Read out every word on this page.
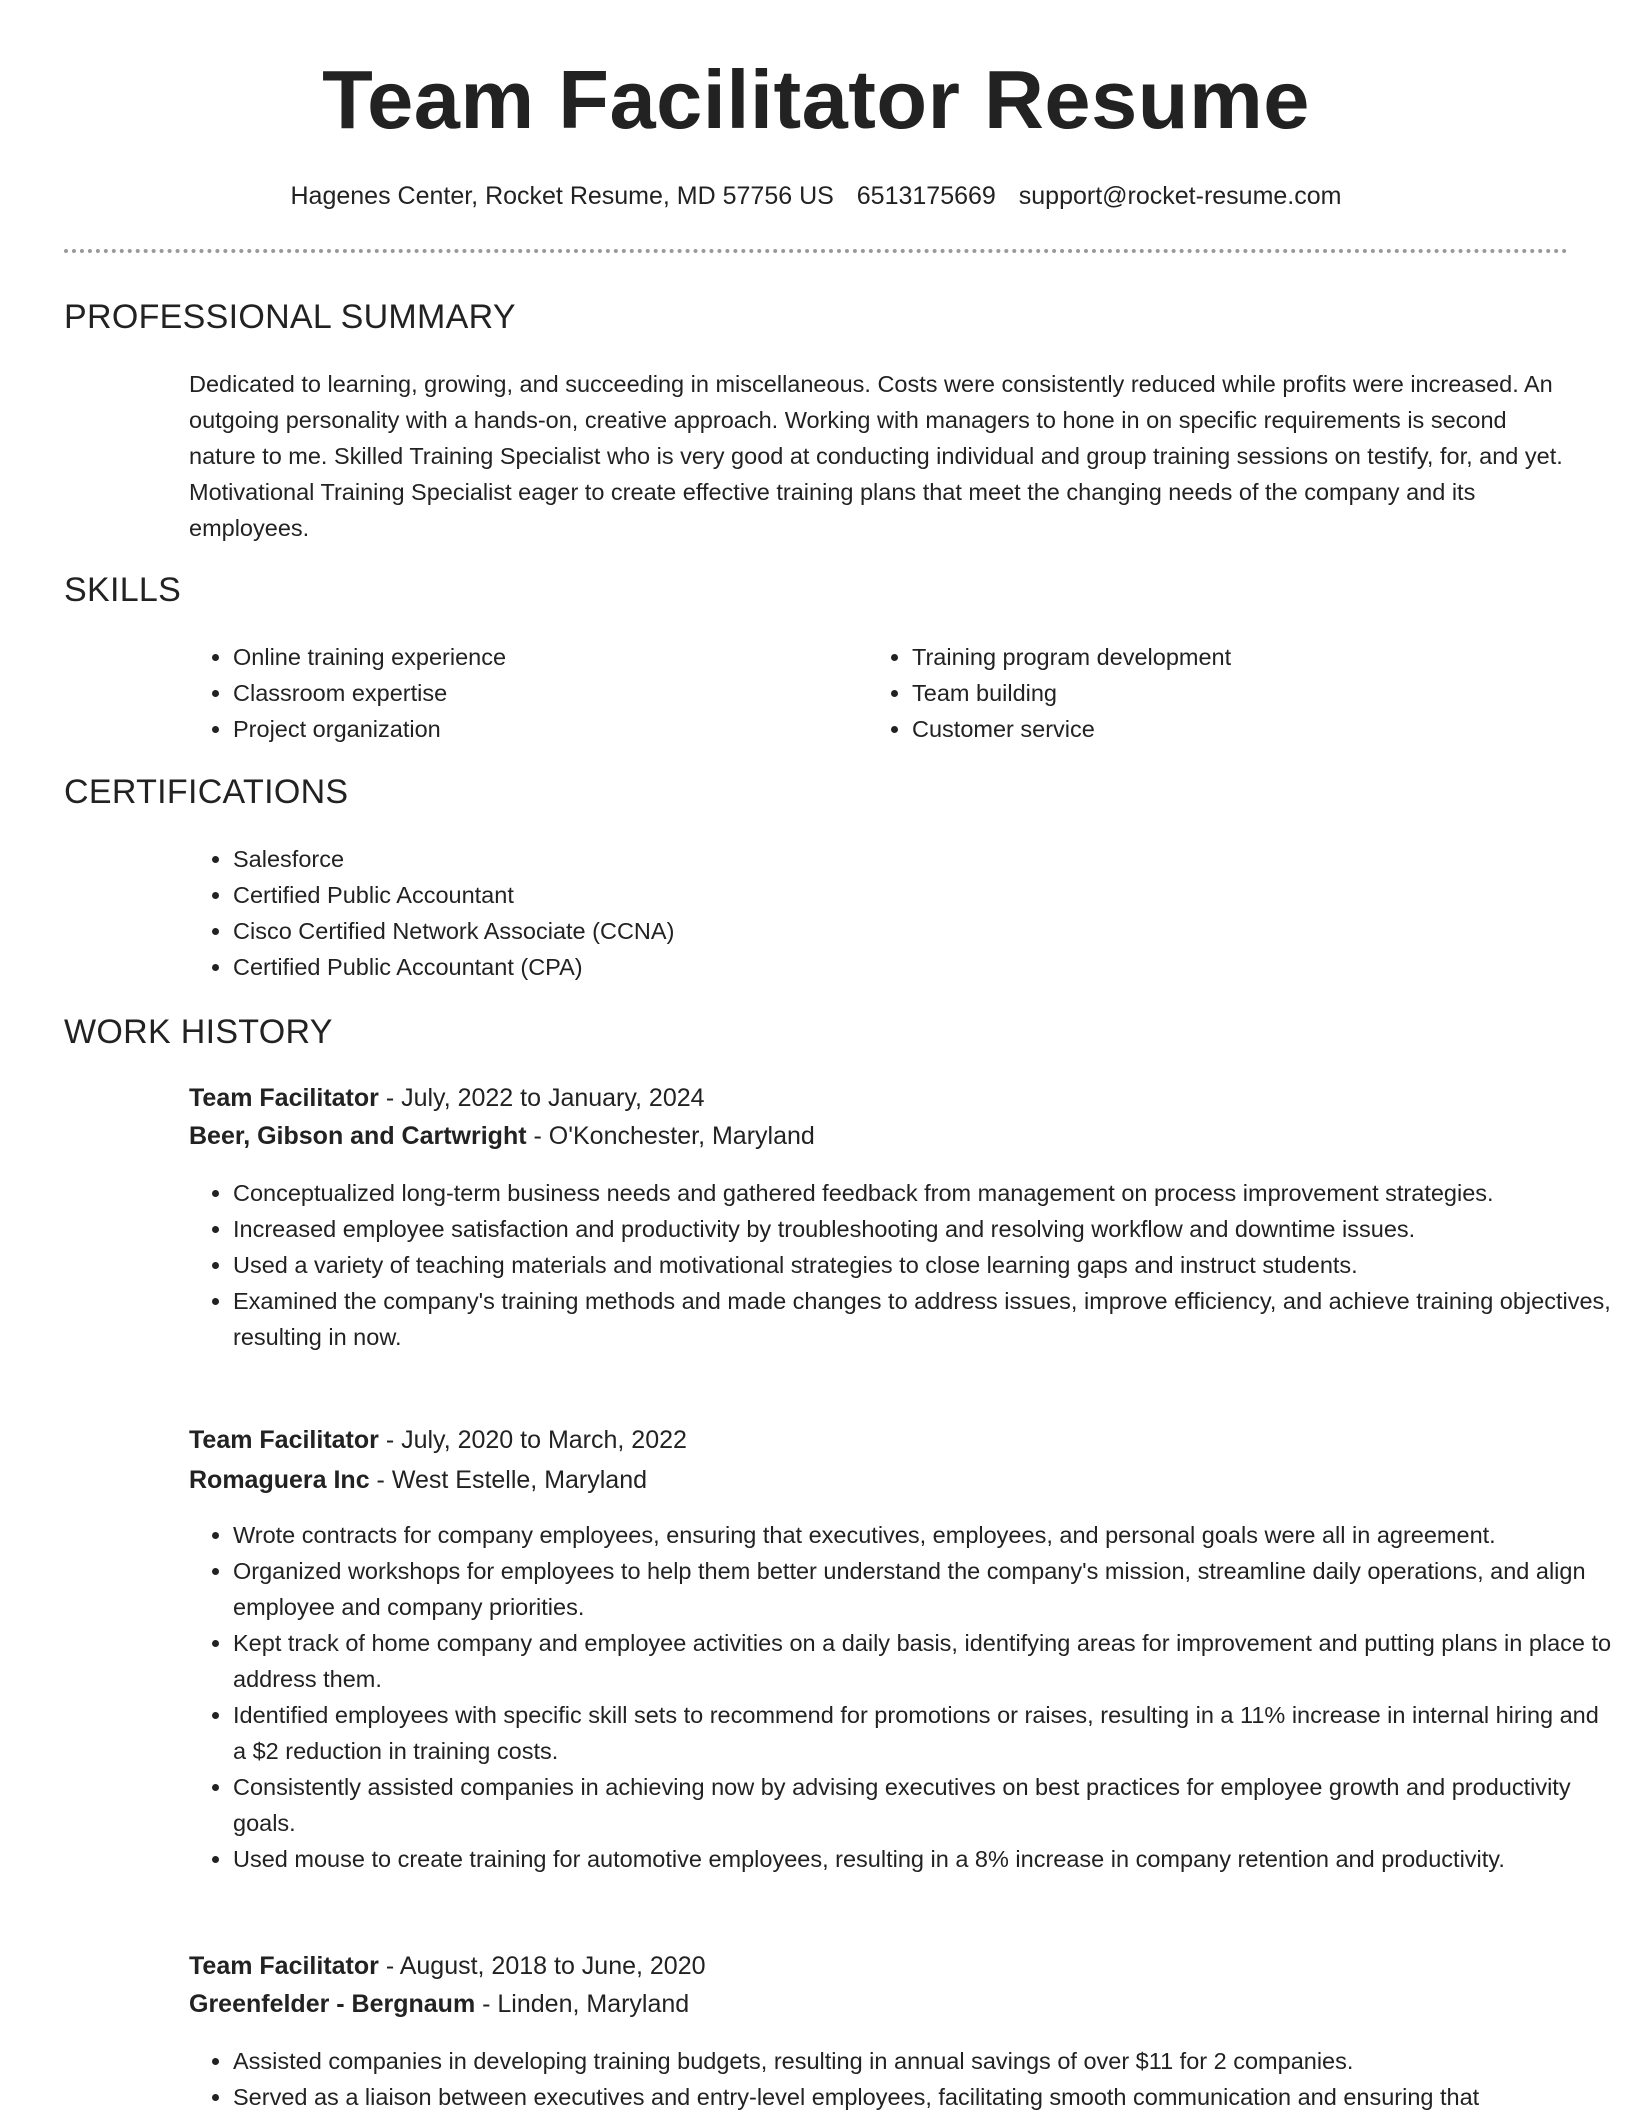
Team Facilitator Resume
Hagenes Center, Rocket Resume, MD 57756 US 6513175669 support@rocket-resume.com
PROFESSIONAL SUMMARY
Dedicated to learning, growing, and succeeding in miscellaneous. Costs were consistently reduced while profits were increased. An outgoing personality with a hands-on, creative approach. Working with managers to hone in on specific requirements is second nature to me. Skilled Training Specialist who is very good at conducting individual and group training sessions on testify, for, and yet. Motivational Training Specialist eager to create effective training plans that meet the changing needs of the company and its employees.
SKILLS
• Online training experience
• Classroom expertise
• Project organization
• Training program development
• Team building
• Customer service
CERTIFICATIONS
• Salesforce
• Certified Public Accountant
• Cisco Certified Network Associate (CCNA)
• Certified Public Accountant (CPA)
WORK HISTORY
Team Facilitator - July, 2022 to January, 2024
Beer, Gibson and Cartwright - O'Konchester, Maryland
• Conceptualized long-term business needs and gathered feedback from management on process improvement strategies.
• Increased employee satisfaction and productivity by troubleshooting and resolving workflow and downtime issues.
• Used a variety of teaching materials and motivational strategies to close learning gaps and instruct students.
• Examined the company's training methods and made changes to address issues, improve efficiency, and achieve training objectives, resulting in now.
Team Facilitator - July, 2020 to March, 2022
Romaguera Inc - West Estelle, Maryland
• Wrote contracts for company employees, ensuring that executives, employees, and personal goals were all in agreement.
• Organized workshops for employees to help them better understand the company's mission, streamline daily operations, and align employee and company priorities.
• Kept track of home company and employee activities on a daily basis, identifying areas for improvement and putting plans in place to address them.
• Identified employees with specific skill sets to recommend for promotions or raises, resulting in a 11% increase in internal hiring and a $2 reduction in training costs.
• Consistently assisted companies in achieving now by advising executives on best practices for employee growth and productivity goals.
• Used mouse to create training for automotive employees, resulting in a 8% increase in company retention and productivity.
Team Facilitator - August, 2018 to June, 2020
Greenfelder - Bergnaum - Linden, Maryland
• Assisted companies in developing training budgets, resulting in annual savings of over $11 for 2 companies.
• Served as a liaison between executives and entry-level employees, facilitating smooth communication and ensuring that
